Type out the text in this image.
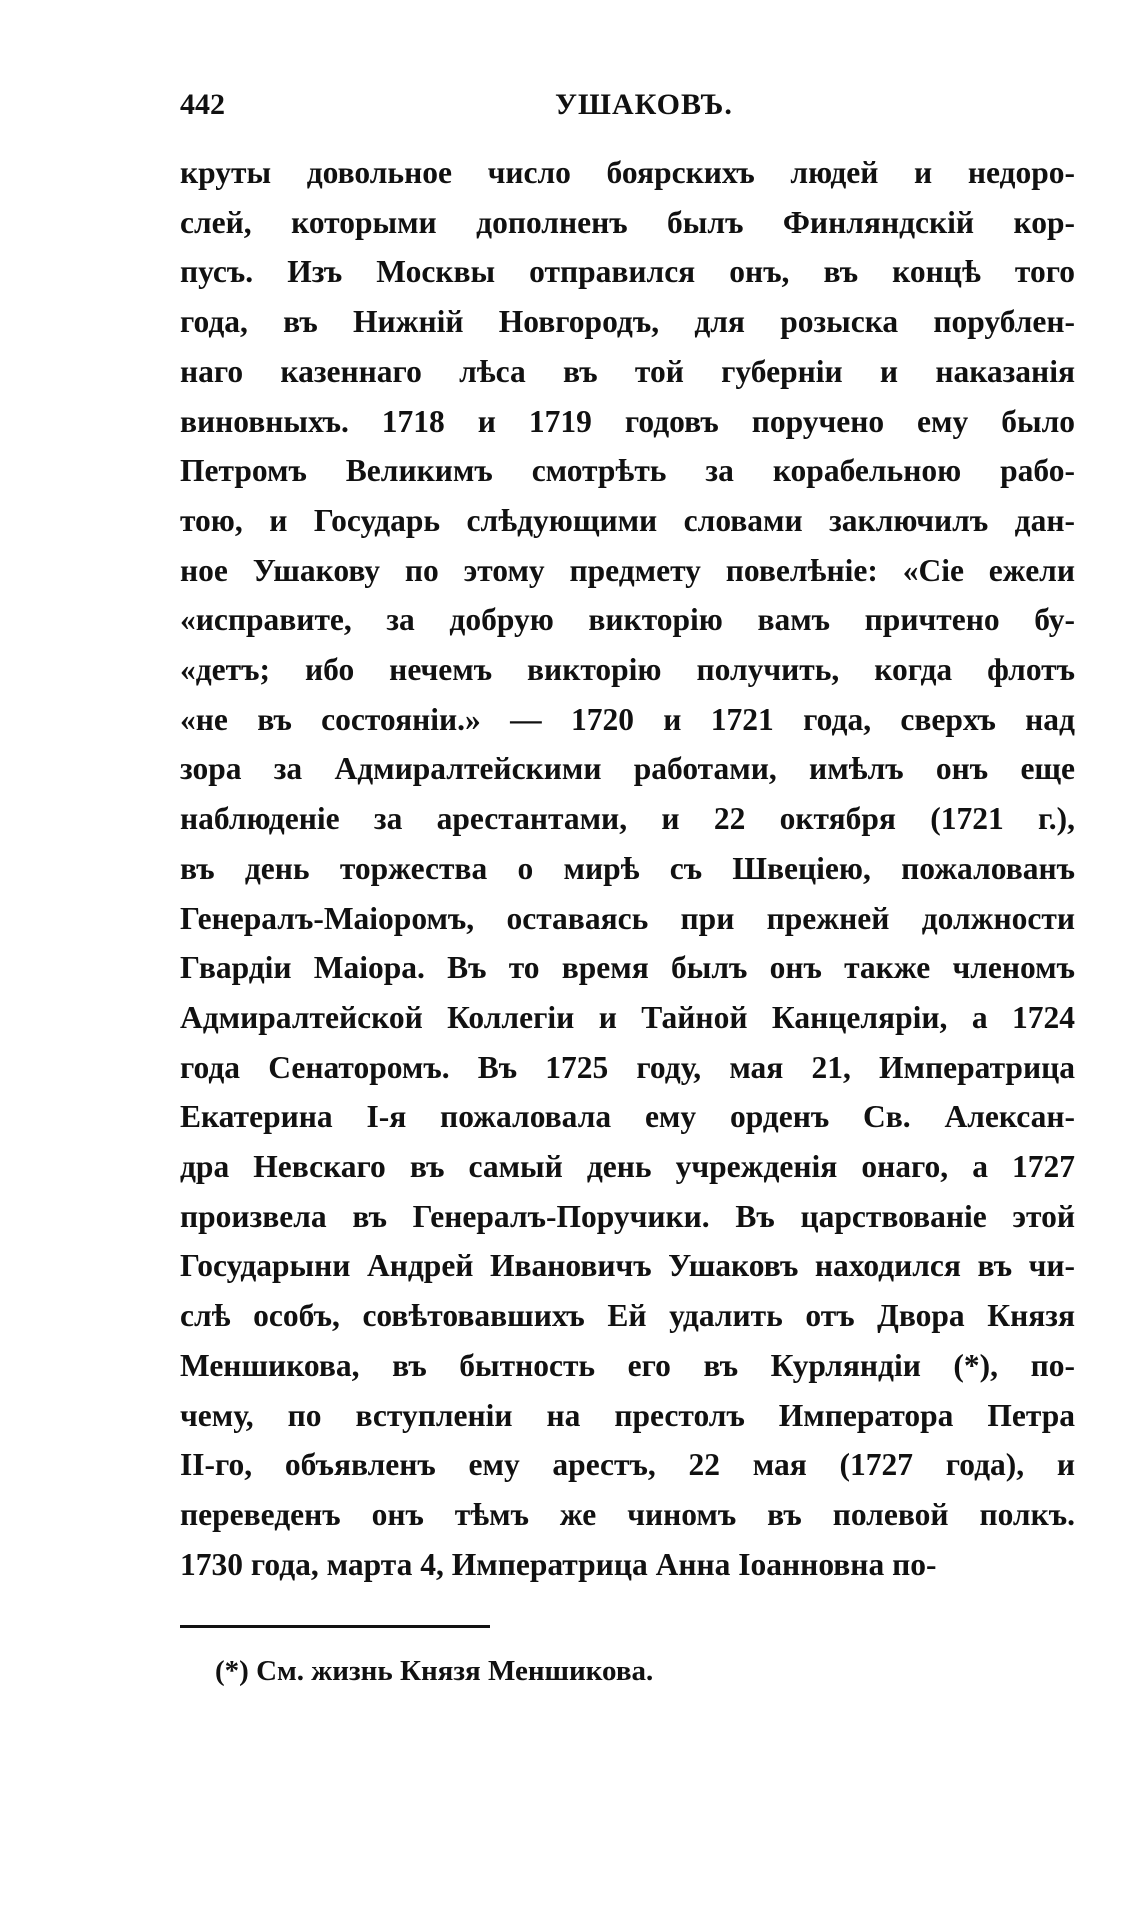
442	УШАКОВЪ.
круты довольное число боярскихъ людей и недоро-
слей, которыми дополненъ былъ Финляндскій кор-
пусъ. Изъ Москвы отправился онъ, въ концѣ того
года, въ Нижній Новгородъ, для розыска порублен-
наго казеннаго лѣса въ той губерніи и наказанія
виновныхъ. 1718 и 1719 годовъ поручено ему было
Петромъ Великимъ смотрѣть за корабельною рабо-
тою, и Государь слѣдующими словами заключилъ дан-
ное Ушакову по этому предмету повелѣніе: «Сіе ежели
«исправите, за добрую викторію вамъ причтено бу-
«детъ; ибо нечемъ викторію получить, когда флотъ
«не въ состояніи.» — 1720 и 1721 года, сверхъ над
зора за Адмиралтейскими работами, имѣлъ онъ еще
наблюденіе за арестантами, и 22 октября (1721 г.),
въ день торжества о мирѣ съ Швеціею, пожалованъ
Генералъ-Маіоромъ, оставаясь при прежней должности
Гвардіи Маіора. Въ то время былъ онъ также членомъ
Адмиралтейской Коллегіи и Тайной Канцеляріи, а 1724
года Сенаторомъ. Въ 1725 году, мая 21, Императрица
Екатерина І-я пожаловала ему орденъ Св. Алексан-
дра Невскаго въ самый день учрежденія онаго, а 1727
произвела въ Генералъ-Поручики. Въ царствованіе этой
Государыни Андрей Ивановичъ Ушаковъ находился въ чи-
слѣ особъ, совѣтовавшихъ Ей удалить отъ Двора Князя
Меншикова, въ бытность его въ Курляндіи (*), по-
чему, по вступленіи на престолъ Императора Петра
ІІ-го, объявленъ ему арестъ, 22 мая (1727 года), и
переведенъ онъ тѣмъ же чиномъ въ полевой полкъ.
1730 года, марта 4, Императрица Анна Іоанновна по-
(*) См. жизнь Князя Меншикова.
